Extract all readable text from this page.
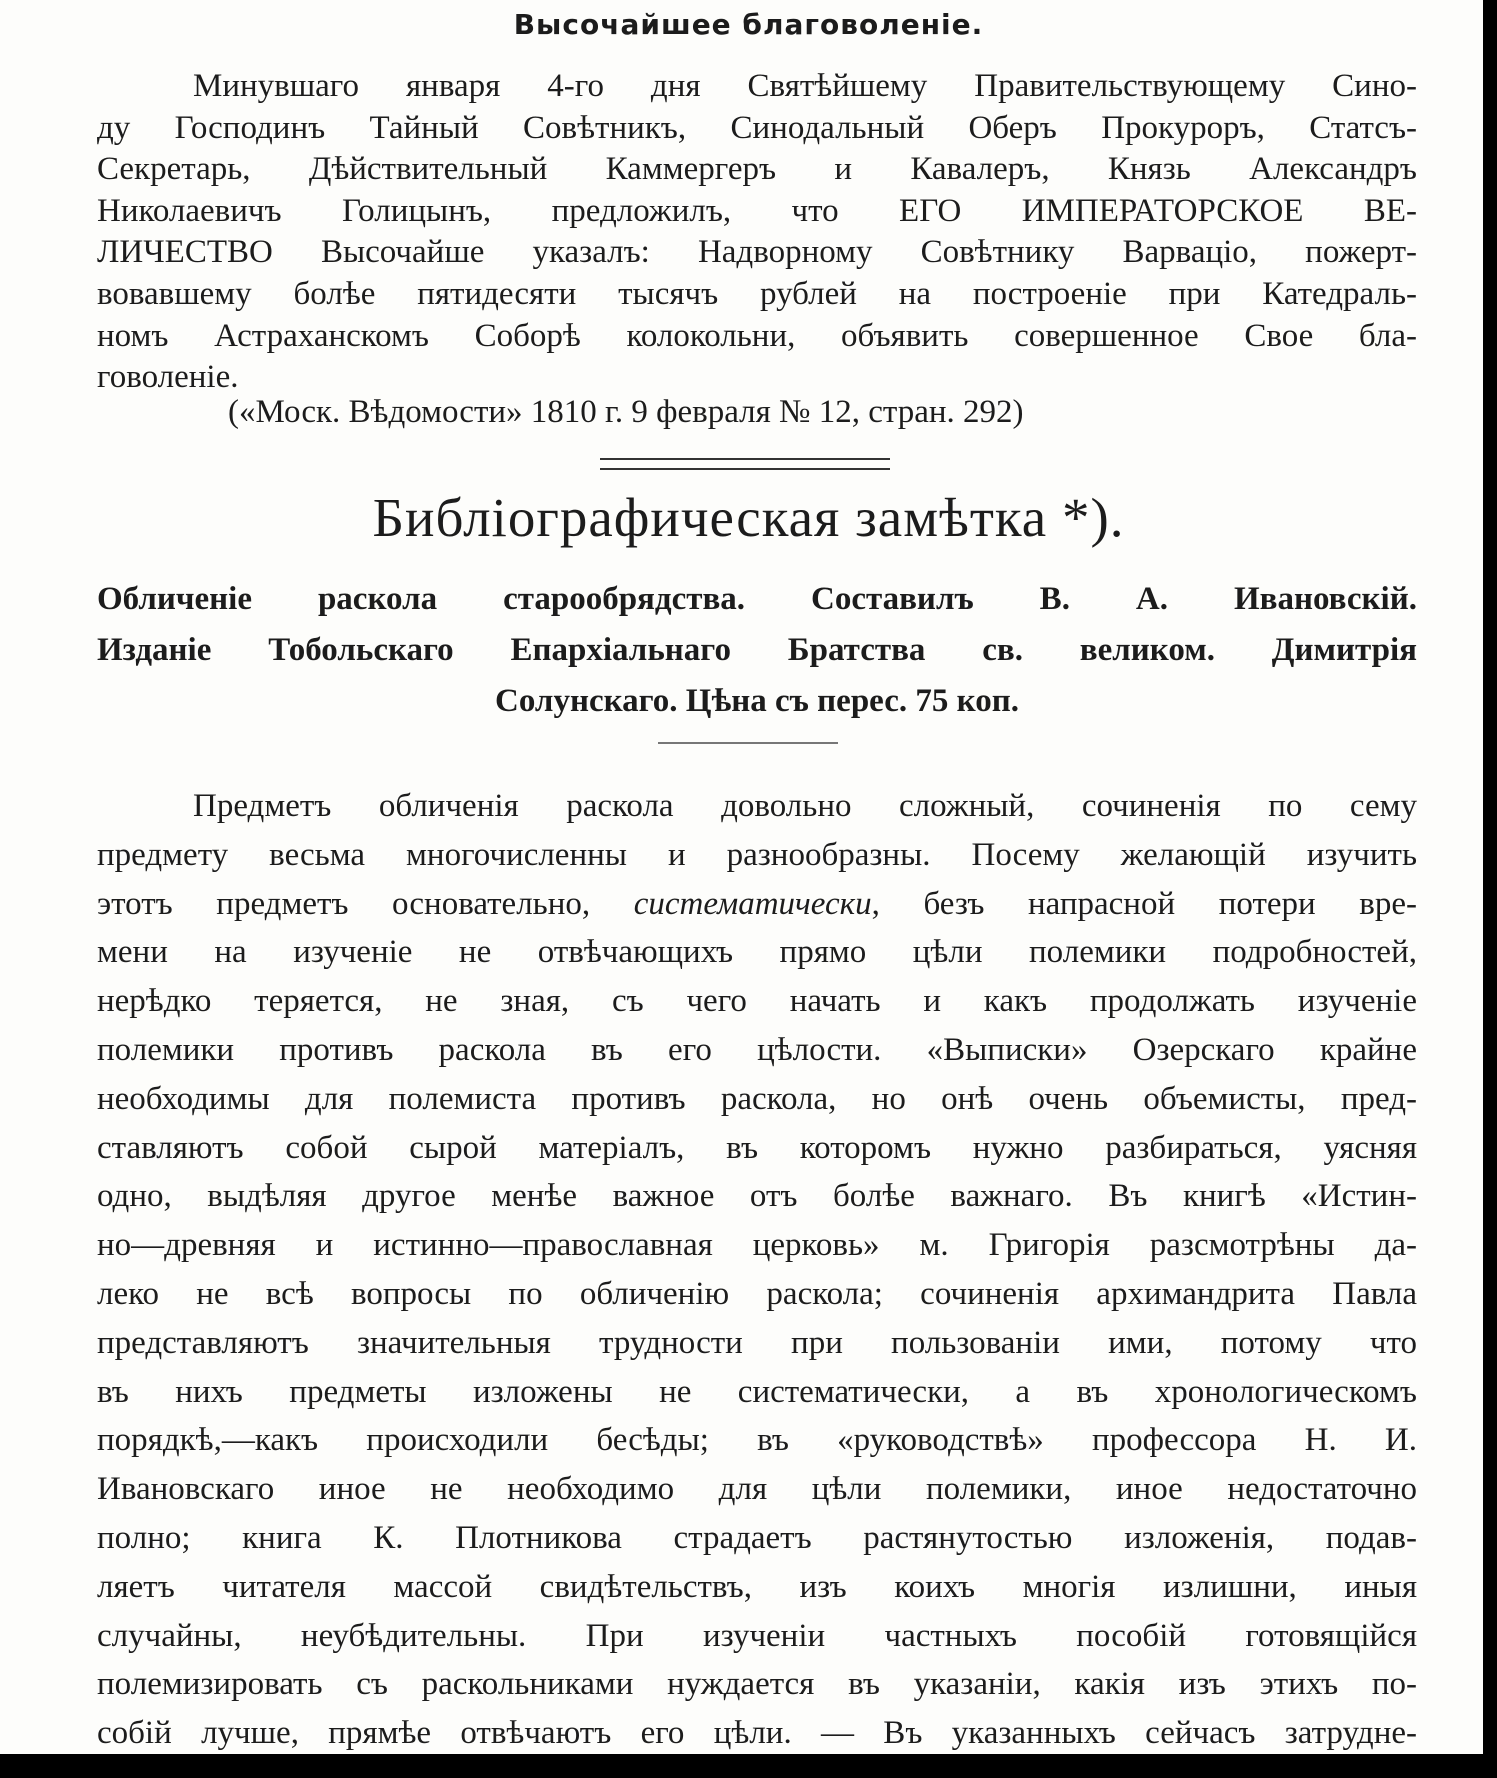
Высочайшее благоволеніе.
Минувшаго января 4-го дня Святѣйшему Правительствующему Сино-
ду Господинъ Тайный Совѣтникъ, Синодальный Оберъ Прокуроръ, Статсъ-
Секретарь, Дѣйствительный Каммергеръ и Кавалеръ, Князь Александръ
Николаевичъ Голицынъ, предложилъ, что ЕГО ИМПЕРАТОРСКОЕ ВЕ-
ЛИЧЕСТВО Высочайше указалъ: Надворному Совѣтнику Варваціо, пожерт-
вовавшему болѣе пятидесяти тысячъ рублей на построеніе при Катедраль-
номъ Астраханскомъ Соборѣ колокольни, объявить совершенное Свое бла-
говоленіе.
(«Моск. Вѣдомости» 1810 г. 9 февраля № 12, стран. 292)
Библіографическая замѣтка *).
Обличеніе раскола старообрядства. Составилъ В. А. Ивановскій.
Изданіе Тобольскаго Епархіальнаго Братства св. великом. Димитрія
Солунскаго. Цѣна съ перес. 75 коп.
Предметъ обличенія раскола довольно сложный, сочиненія по сему
предмету весьма многочисленны и разнообразны. Посему желающій изучить
этотъ предметъ основательно, систематически, безъ напрасной потери вре-
мени на изученіе не отвѣчающихъ прямо цѣли полемики подробностей,
нерѣдко теряется, не зная, съ чего начать и какъ продолжать изученіе
полемики противъ раскола въ его цѣлости. «Выписки» Озерскаго крайне
необходимы для полемиста противъ раскола, но онѣ очень объемисты, пред-
ставляютъ собой сырой матеріалъ, въ которомъ нужно разбираться, уясняя
одно, выдѣляя другое менѣе важное отъ болѣе важнаго. Въ книгѣ «Истин-
но—древняя и истинно—православная церковь» м. Григорія разсмотрѣны да-
леко не всѣ вопросы по обличенію раскола; сочиненія архимандрита Павла
представляютъ значительныя трудности при пользованіи ими, потому что
въ нихъ предметы изложены не систематически, а въ хронологическомъ
порядкѣ,—какъ происходили бесѣды; въ «руководствѣ» профессора Н. И.
Ивановскаго иное не необходимо для цѣли полемики, иное недостаточно
полно; книга К. Плотникова страдаетъ растянутостью изложенія, подав-
ляетъ читателя массой свидѣтельствъ, изъ коихъ многія излишни, иныя
случайны, неубѣдительны. При изученіи частныхъ пособій готовящійся
полемизировать съ раскольниками нуждается въ указаніи, какія изъ этихъ по-
собій лучше, прямѣе отвѣчаютъ его цѣли. — Въ указанныхъ сейчасъ затрудне-
